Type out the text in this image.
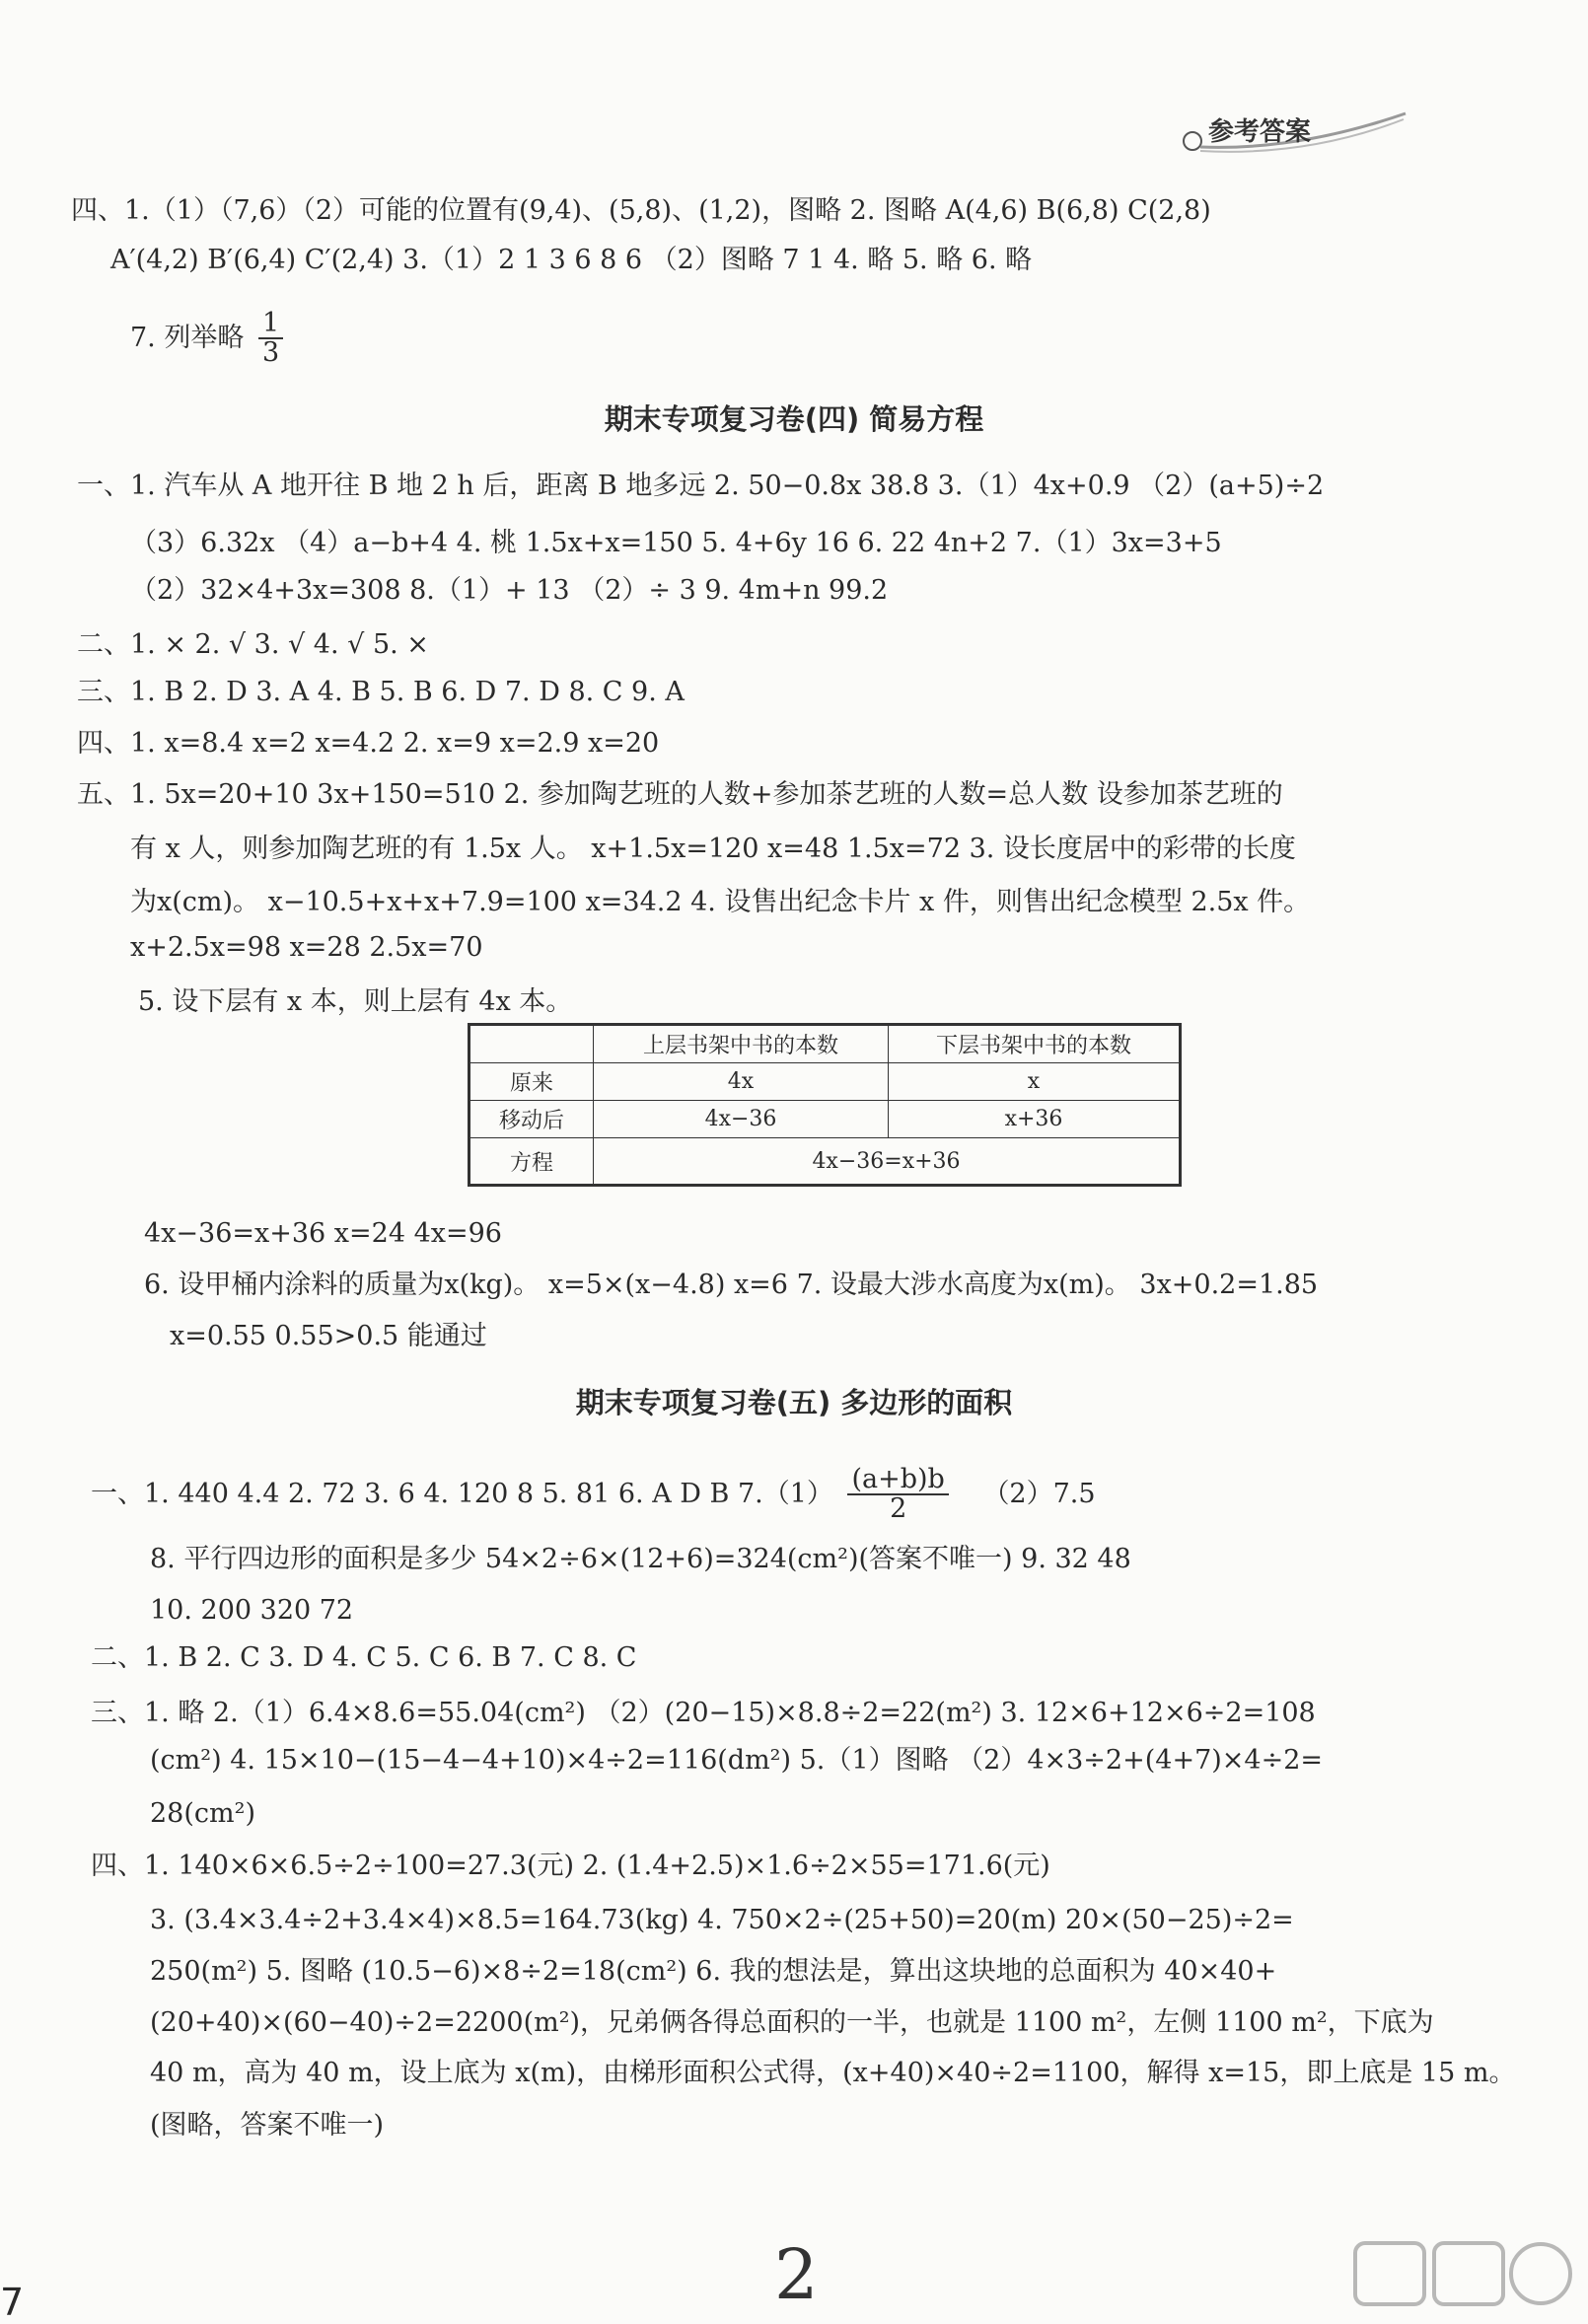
参考答案
四、1.（1）（7,6）（2）可能的位置有(9,4)、(5,8)、(1,2)，图略 2. 图略 A(4,6) B(6,8) C(2,8)
A′(4,2) B′(6,4) C′(2,4) 3.（1）2 1 3 6 8 6 （2）图略 7 1 4. 略 5. 略 6. 略
7. 列举略 $\frac{1}{3}$
期末专项复习卷(四) 简易方程
一、1. 汽车从 A 地开往 B 地 2 h 后，距离 B 地多远 2. 50−0.8x 38.8 3.（1）4x+0.9 （2）(a+5)÷2
（3）6.32x （4）a−b+4 4. 桃 1.5x+x=150 5. 4+6y 16 6. 22 4n+2 7.（1）3x=3+5
（2）32×4+3x=308 8.（1）+ 13 （2）÷ 3 9. 4m+n 99.2
二、1. × 2. √ 3. √ 4. √ 5. ×
三、1. B 2. D 3. A 4. B 5. B 6. D 7. D 8. C 9. A
四、1. x=8.4 x=2 x=4.2 2. x=9 x=2.9 x=20
五、1. 5x=20+10 3x+150=510 2. 参加陶艺班的人数+参加茶艺班的人数=总人数 设参加茶艺班的
有 x 人，则参加陶艺班的有 1.5x 人。 x+1.5x=120 x=48 1.5x=72 3. 设长度居中的彩带的长度
为x(cm)。 x−10.5+x+x+7.9=100 x=34.2 4. 设售出纪念卡片 x 件，则售出纪念模型 2.5x 件。
x+2.5x=98 x=28 2.5x=70
5. 设下层有 x 本，则上层有 4x 本。
	上层书架中书的本数	下层书架中书的本数
原来	4x	x
移动后	4x−36	x+36
方程	4x−36=x+36	
4x−36=x+36 x=24 4x=96
6. 设甲桶内涂料的质量为x(kg)。 x=5×(x−4.8) x=6 7. 设最大涉水高度为x(m)。 3x+0.2=1.85
x=0.55 0.55>0.5 能通过
期末专项复习卷(五) 多边形的面积
一、1. 440 4.4 2. 72 3. 6 4. 120 8 5. 81 6. A D B $7.(1) \frac{(a+b)b}{2} (2)7.5$
8. 平行四边形的面积是多少 54×2÷6×(12+6)=324(cm²)(答案不唯一) 9. 32 48
10. 200 320 72
二、1. B 2. C 3. D 4. C 5. C 6. B 7. C 8. C
三、1. 略 2.（1）6.4×8.6=55.04(cm²) （2）(20−15)×8.8÷2=22(m²) 3. 12×6+12×6÷2=108
(cm²) 4. 15×10−(15−4−4+10)×4÷2=116(dm²) 5.（1）图略 （2）4×3÷2+(4+7)×4÷2=
28(cm²)
四、1. 140×6×6.5÷2÷100=27.3(元) 2. (1.4+2.5)×1.6÷2×55=171.6(元)
3. (3.4×3.4÷2+3.4×4)×8.5=164.73(kg) 4. 750×2÷(25+50)=20(m) 20×(50−25)÷2=
250(m²) 5. 图略 (10.5−6)×8÷2=18(cm²) 6. 我的想法是，算出这块地的总面积为 40×40+
(20+40)×(60−40)÷2=2200(m²)，兄弟俩各得总面积的一半，也就是 1100 m²，左侧 1100 m²，下底为
40 m，高为 40 m，设上底为 x(m)，由梯形面积公式得，(x+40)×40÷2=1100，解得 x=15，即上底是 15 m。
(图略，答案不唯一)
7	2
